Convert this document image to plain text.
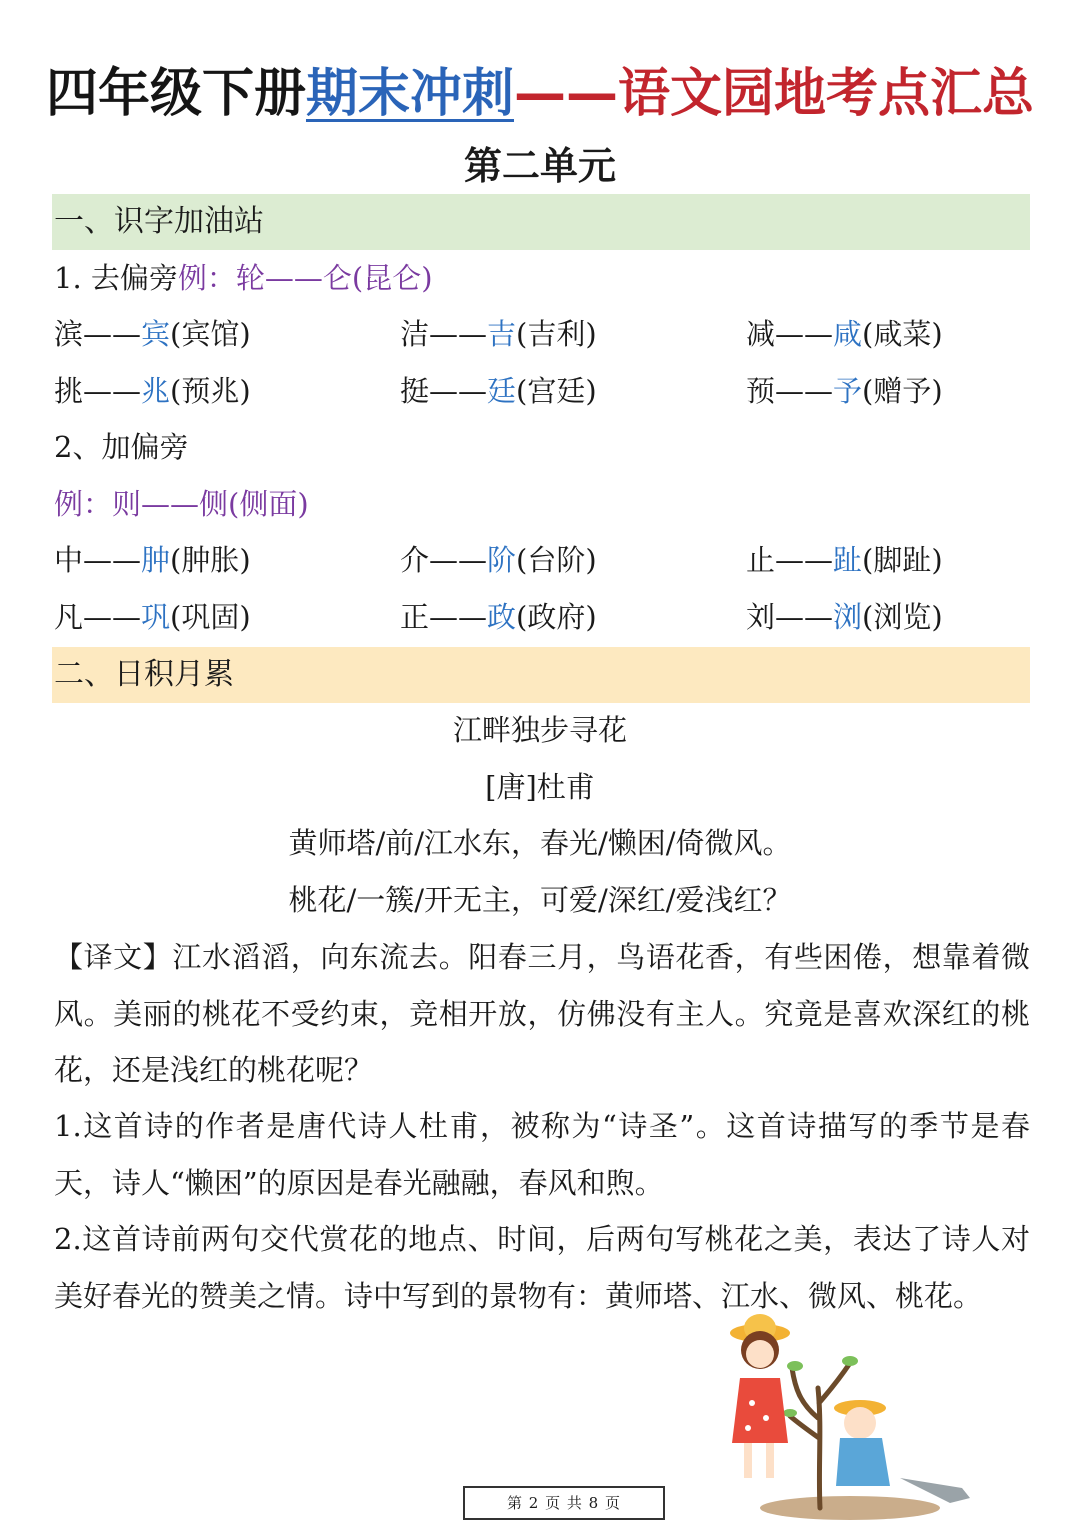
四年级下册期末冲刺——语文园地考点汇总
第二单元
一、识字加油站
1. 去偏旁例：轮——仑(昆仑)
滨——宾(宾馆)	洁——吉(吉利)	减——咸(咸菜)
挑——兆(预兆)	挺——廷(宫廷)	预——予(赠予)
2、加偏旁
例：则——侧(侧面)
中——肿(肿胀)	介——阶(台阶)	止——趾(脚趾)
凡——巩(巩固)	正——政(政府)	刘——浏(浏览)
二、日积月累
江畔独步寻花
[唐]杜甫
黄师塔/前/江水东，春光/懒困/倚微风。
桃花/一簇/开无主，可爱/深红/爱浅红？
【译文】江水滔滔，向东流去。阳春三月，鸟语花香，有些困倦，想靠着微风。美丽的桃花不受约束，竞相开放，仿佛没有主人。究竟是喜欢深红的桃花，还是浅红的桃花呢？
1.这首诗的作者是唐代诗人杜甫，被称为“诗圣”。这首诗描写的季节是春天，诗人“懒困”的原因是春光融融，春风和煦。
2.这首诗前两句交代赏花的地点、时间，后两句写桃花之美，表达了诗人对美好春光的赞美之情。诗中写到的景物有：黄师塔、江水、微风、桃花。
第 2 页 共 8 页
